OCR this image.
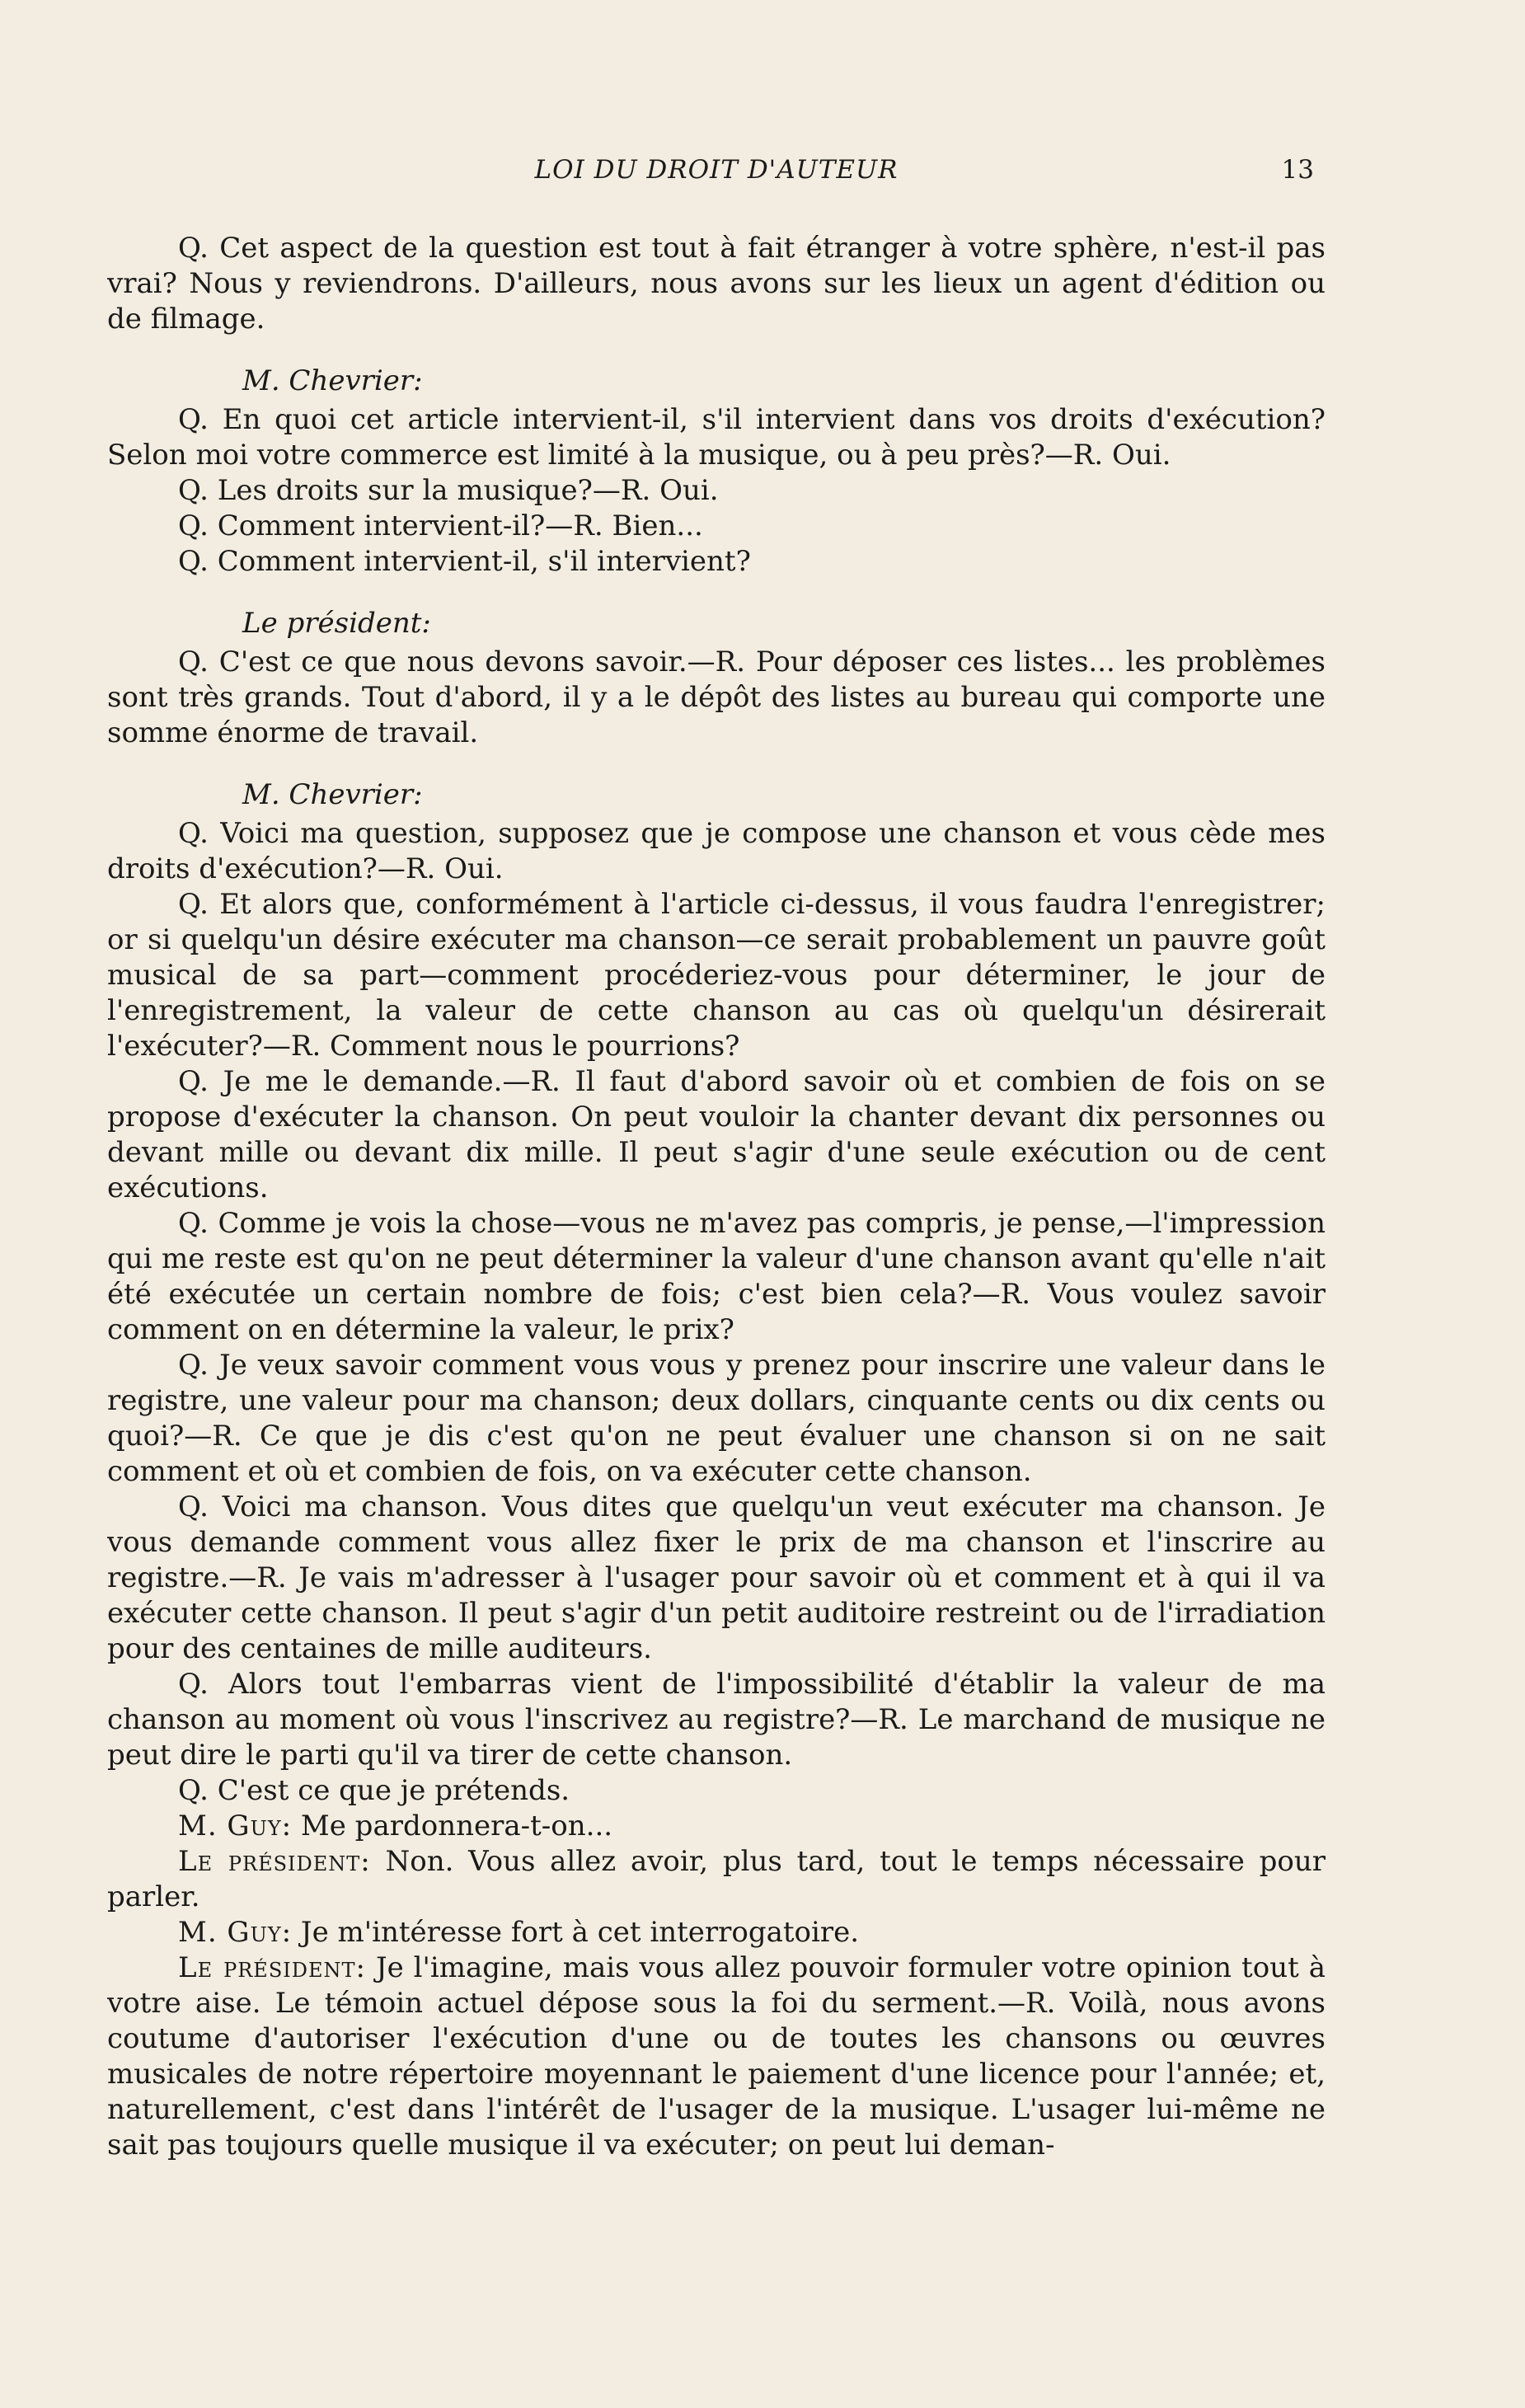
LOI DU DROIT D'AUTEUR	13

Q. Cet aspect de la question est tout à fait étranger à votre sphère, n'est-il pas vrai? Nous y reviendrons. D'ailleurs, nous avons sur les lieux un agent d'édition ou de filmage.

M. Chevrier:

Q. En quoi cet article intervient-il, s'il intervient dans vos droits d'exécution? Selon moi votre commerce est limité à la musique, ou à peu près?—R. Oui.

Q. Les droits sur la musique?—R. Oui.

Q. Comment intervient-il?—R. Bien...

Q. Comment intervient-il, s'il intervient?

Le président:

Q. C'est ce que nous devons savoir.—R. Pour déposer ces listes... les problèmes sont très grands. Tout d'abord, il y a le dépôt des listes au bureau qui comporte une somme énorme de travail.

M. Chevrier:

Q. Voici ma question, supposez que je compose une chanson et vous cède mes droits d'exécution?—R. Oui.

Q. Et alors que, conformément à l'article ci-dessus, il vous faudra l'enregistrer; or si quelqu'un désire exécuter ma chanson—ce serait probablement un pauvre goût musical de sa part—comment procéderiez-vous pour déterminer, le jour de l'enregistrement, la valeur de cette chanson au cas où quelqu'un désirerait l'exécuter?—R. Comment nous le pourrions?

Q. Je me le demande.—R. Il faut d'abord savoir où et combien de fois on se propose d'exécuter la chanson. On peut vouloir la chanter devant dix personnes ou devant mille ou devant dix mille. Il peut s'agir d'une seule exécution ou de cent exécutions.

Q. Comme je vois la chose—vous ne m'avez pas compris, je pense,—l'impression qui me reste est qu'on ne peut déterminer la valeur d'une chanson avant qu'elle n'ait été exécutée un certain nombre de fois; c'est bien cela?—R. Vous voulez savoir comment on en détermine la valeur, le prix?

Q. Je veux savoir comment vous vous y prenez pour inscrire une valeur dans le registre, une valeur pour ma chanson; deux dollars, cinquante cents ou dix cents ou quoi?—R. Ce que je dis c'est qu'on ne peut évaluer une chanson si on ne sait comment et où et combien de fois, on va exécuter cette chanson.

Q. Voici ma chanson. Vous dites que quelqu'un veut exécuter ma chanson. Je vous demande comment vous allez fixer le prix de ma chanson et l'inscrire au registre.—R. Je vais m'adresser à l'usager pour savoir où et comment et à qui il va exécuter cette chanson. Il peut s'agir d'un petit auditoire restreint ou de l'irradiation pour des centaines de mille auditeurs.

Q. Alors tout l'embarras vient de l'impossibilité d'établir la valeur de ma chanson au moment où vous l'inscrivez au registre?—R. Le marchand de musique ne peut dire le parti qu'il va tirer de cette chanson.

Q. C'est ce que je prétends.

M. Guy: Me pardonnera-t-on...

Le président: Non. Vous allez avoir, plus tard, tout le temps nécessaire pour parler.

M. Guy: Je m'intéresse fort à cet interrogatoire.

Le président: Je l'imagine, mais vous allez pouvoir formuler votre opinion tout à votre aise. Le témoin actuel dépose sous la foi du serment.—R. Voilà, nous avons coutume d'autoriser l'exécution d'une ou de toutes les chansons ou œuvres musicales de notre répertoire moyennant le paiement d'une licence pour l'année; et, naturellement, c'est dans l'intérêt de l'usager de la musique. L'usager lui-même ne sait pas toujours quelle musique il va exécuter; on peut lui deman-
